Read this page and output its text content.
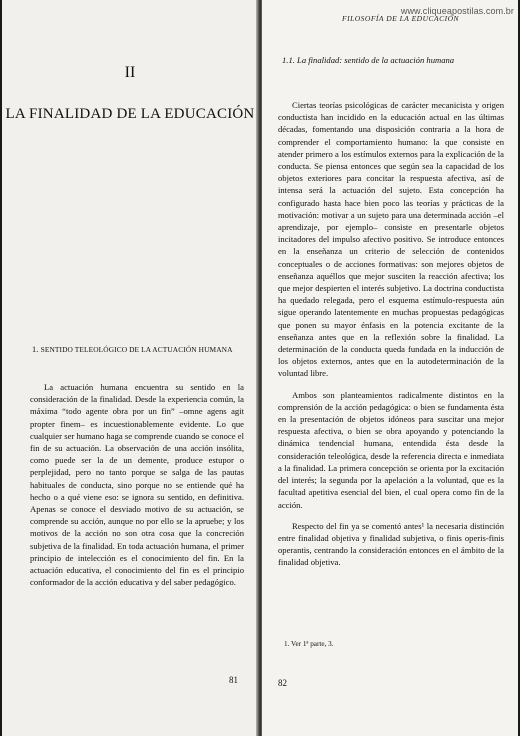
II
LA FINALIDAD DE LA EDUCACIÓN
1. SENTIDO TELEOLÓGICO DE LA ACTUACIÓN HUMANA

La actuación humana encuentra su sentido en la consideración de la finalidad. Desde la experiencia común, la máxima “todo agente obra por un fin” –omne agens agit propter finem– es incuestionablemente evidente. Lo que cualquier ser humano haga se comprende cuando se conoce el fin de su actuación. La observación de una acción insólita, como puede ser la de un demente, produce estupor o perplejidad, pero no tanto porque se salga de las pautas habituales de conducta, sino porque no se entiende qué ha hecho o a qué viene eso: se ignora su sentido, en definitiva. Apenas se conoce el desviado motivo de su actuación, se comprende su acción, aunque no por ello se la apruebe; y los motivos de la acción no son otra cosa que la concreción subjetiva de la finalidad. En toda actuación humana, el primer principio de intelección es el conocimiento del fin. En la actuación educativa, el conocimiento del fin es el principio conformador de la acción educativa y del saber pedagógico.

81
FILOSOFÍA DE LA EDUCACIÓN
1.1. La finalidad: sentido de la actuación humana

Ciertas teorías psicológicas de carácter mecanicista y origen conductista han incidido en la educación actual en las últimas décadas, fomentando una disposición contraria a la hora de comprender el comportamiento humano: la que consiste en atender primero a los estímulos externos para la explicación de la conducta. Se piensa entonces que según sea la capacidad de los objetos exteriores para concitar la respuesta afectiva, así de intensa será la actuación del sujeto. Esta concepción ha configurado hasta hace bien poco las teorías y prácticas de la motivación: motivar a un sujeto para una determinada acción –el aprendizaje, por ejemplo– consiste en presentarle objetos incitadores del impulso afectivo positivo. Se introduce entonces en la enseñanza un criterio de selección de contenidos conceptuales o de acciones formativas: son mejores objetos de enseñanza aquéllos que mejor susciten la reacción afectiva; los que mejor despierten el interés subjetivo. La doctrina conductista ha quedado relegada, pero el esquema estímulo-respuesta aún sigue operando latentemente en muchas propuestas pedagógicas que ponen su mayor énfasis en la potencia excitante de la enseñanza antes que en la reflexión sobre la finalidad. La determinación de la conducta queda fundada en la inducción de los objetos externos, antes que en la autodeterminación de la voluntad libre.

Ambos son planteamientos radicalmente distintos en la comprensión de la acción pedagógica: o bien se fundamenta ésta en la presentación de objetos idóneos para suscitar una mejor respuesta afectiva, o bien se obra apoyando y potenciando la dinámica tendencial humana, entendida ésta desde la consideración teleológica, desde la referencia directa e inmediata a la finalidad. La primera concepción se orienta por la excitación del interés; la segunda por la apelación a la voluntad, que es la facultad apetitiva esencial del bien, el cual opera como fin de la acción.

Respecto del fin ya se comentó antes¹ la necesaria distinción entre finalidad objetiva y finalidad subjetiva, o finis operis-finis operantis, centrando la consideración entonces en el ámbito de la finalidad objetiva.

1. Ver 1ª parte, 3.
82
www.cliqueapostilas.com.br
